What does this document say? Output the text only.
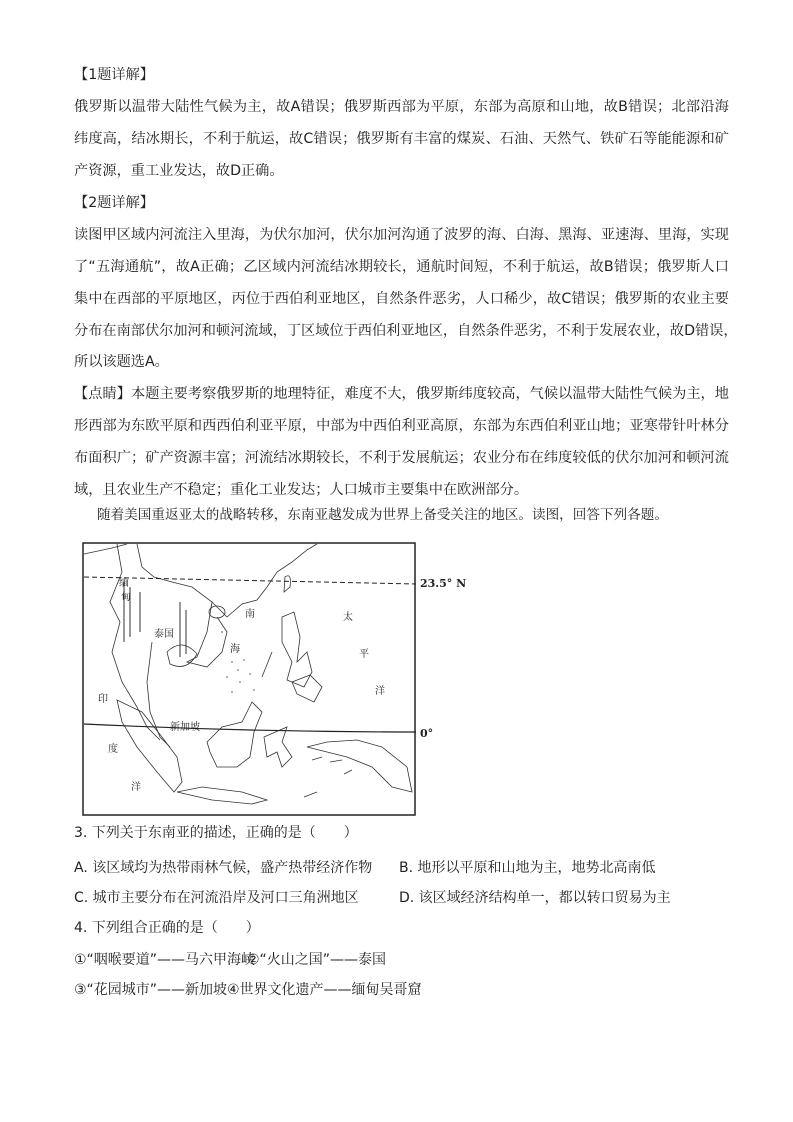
【1题详解】
俄罗斯以温带大陆性气候为主，故A错误；俄罗斯西部为平原，东部为高原和山地，故B错误；北部沿海
纬度高，结冰期长，不利于航运，故C错误；俄罗斯有丰富的煤炭、石油、天然气、铁矿石等能能源和矿
产资源，重工业发达，故D正确。
【2题详解】
读图甲区域内河流注入里海，为伏尔加河，伏尔加河沟通了波罗的海、白海、黑海、亚速海、里海，实现
了“五海通航”，故A正确；乙区域内河流结冰期较长，通航时间短，不利于航运，故B错误；俄罗斯人口
集中在西部的平原地区，丙位于西伯利亚地区，自然条件恶劣，人口稀少，故C错误；俄罗斯的农业主要
分布在南部伏尔加河和顿河流域，丁区域位于西伯利亚地区，自然条件恶劣，不利于发展农业，故D错误，
所以该题选A。
【点睛】本题主要考察俄罗斯的地理特征，难度不大，俄罗斯纬度较高，气候以温带大陆性气候为主，地
形西部为东欧平原和西西伯利亚平原，中部为中西伯利亚高原，东部为东西伯利亚山地；亚寒带针叶林分
布面积广；矿产资源丰富；河流结冰期较长，不利于发展航运；农业分布在纬度较低的伏尔加河和顿河流
域，且农业生产不稳定；重化工业发达；人口城市主要集中在欧洲部分。
随着美国重返亚太的战略转移，东南亚越发成为世界上备受关注的地区。读图，回答下列各题。
缅
甸
泰国
新加坡
南
海
太
平
洋
印
度
洋
23.5° N
0°
3. 下列关于东南亚的描述，正确的是（　　）
A. 该区域均为热带雨林气候，盛产热带经济作物 B. 地形以平原和山地为主，地势北高南低
C. 城市主要分布在河流沿岸及河口三角洲地区	D. 该区域经济结构单一，都以转口贸易为主
4. 下列组合正确的是（　　）
①“咽喉要道”——马六甲海峡
②“火山之国”——泰国
③“花园城市”——新加坡 ④世界文化遗产——缅甸吴哥窟
